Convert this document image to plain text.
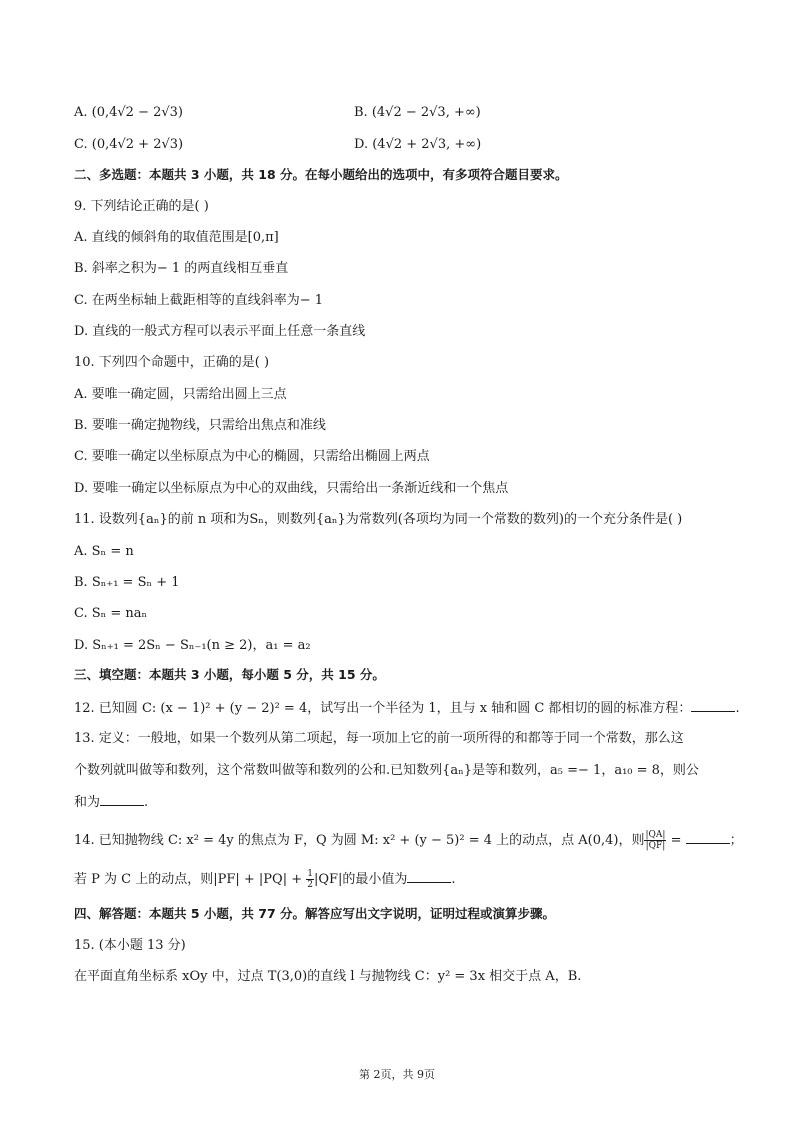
A. (0,4√2 − 2√3)	B. (4√2 − 2√3, +∞)
C. (0,4√2 + 2√3)	D. (4√2 + 2√3, +∞)
二、多选题：本题共 3 小题，共 18 分。在每小题给出的选项中，有多项符合题目要求。
9. 下列结论正确的是( )
A. 直线的倾斜角的取值范围是[0,π]
B. 斜率之积为− 1 的两直线相互垂直
C. 在两坐标轴上截距相等的直线斜率为− 1
D. 直线的一般式方程可以表示平面上任意一条直线
10. 下列四个命题中，正确的是( )
A. 要唯一确定圆，只需给出圆上三点
B. 要唯一确定抛物线，只需给出焦点和准线
C. 要唯一确定以坐标原点为中心的椭圆，只需给出椭圆上两点
D. 要唯一确定以坐标原点为中心的双曲线，只需给出一条渐近线和一个焦点
11. 设数列{aₙ}的前 n 项和为Sₙ，则数列{aₙ}为常数列(各项均为同一个常数的数列)的一个充分条件是( )
A. Sₙ = n
B. Sₙ₊₁ = Sₙ + 1
C. Sₙ = naₙ
D. Sₙ₊₁ = 2Sₙ − Sₙ₋₁(n ≥ 2)，a₁ = a₂
三、填空题：本题共 3 小题，每小题 5 分，共 15 分。
12. 已知圆 C: (x − 1)² + (y − 2)² = 4，试写出一个半径为 1，且与 x 轴和圆 C 都相切的圆的标准方程：	.
13. 定义：一般地，如果一个数列从第二项起，每一项加上它的前一项所得的和都等于同一个常数，那么这
个数列就叫做等和数列，这个常数叫做等和数列的公和.已知数列{aₙ}是等和数列，a₅ =− 1，a₁₀ = 8，则公
和为	.
14. 已知抛物线 C: x² = 4y 的焦点为 F，Q 为圆 M: x² + (y − 5)² = 4 上的动点，点 A(0,4)，则 $\frac{|QA|}{|QF|}$ =	；
若 P 为 C 上的动点，则$|PF| + |PQ| + \frac{1}{2} |QF|$的最小值为	.
四、解答题：本题共 5 小题，共 77 分。解答应写出文字说明，证明过程或演算步骤。
15. (本小题 13 分)
在平面直角坐标系 xOy 中，过点 T(3,0)的直线 l 与抛物线 C：y² = 3x 相交于点 A，B.
第 2页，共 9页
